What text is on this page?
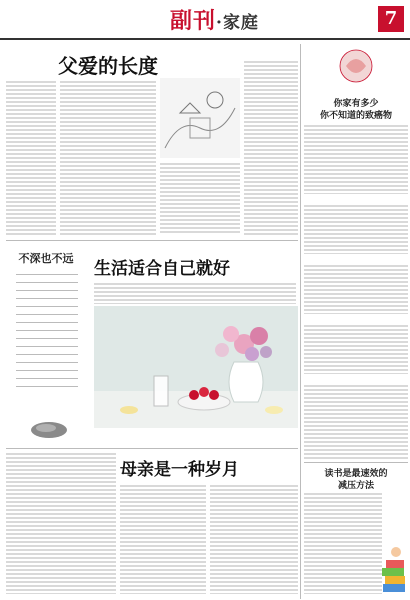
副刊·家庭	7
父爱的长度
你家有多少
你不知道的致癌物
不深也不远
生活适合自己就好
母亲是一种岁月	读书是最速效的
减压方法
